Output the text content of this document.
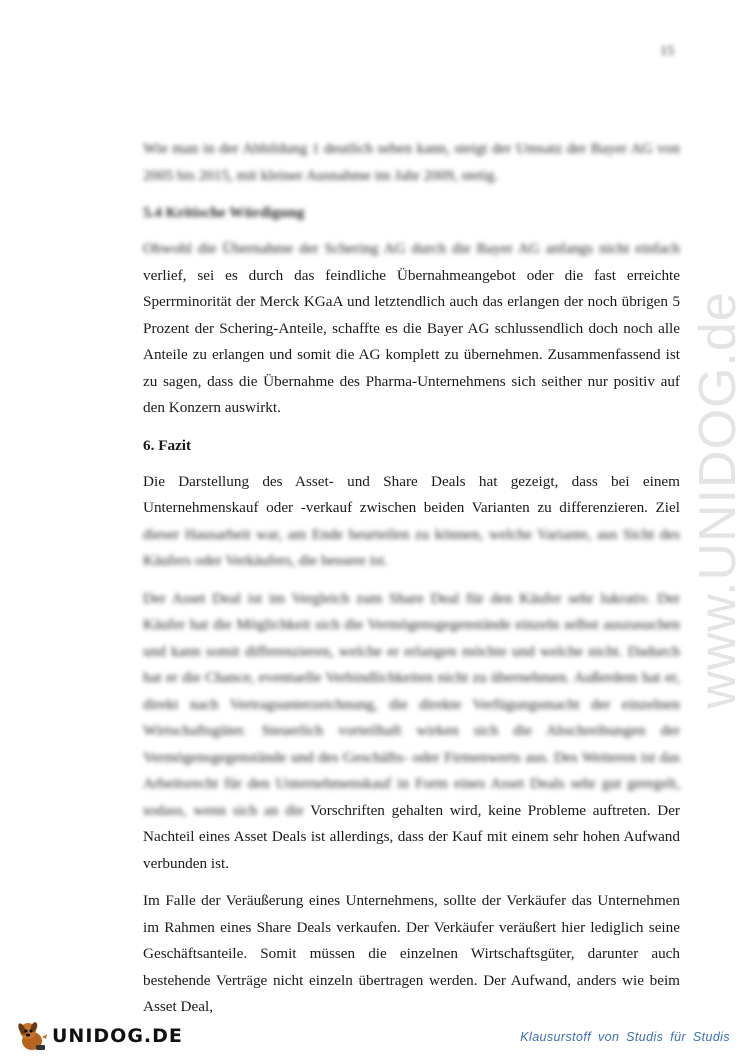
15
www.UNIDOG.de

Wie man in der Abbildung 1 deutlich sehen kann, steigt der Umsatz der Bayer AG von 2005 bis 2015, mit kleiner Ausnahme im Jahr 2009, stetig.

5.4 Kritische Würdigung

Obwohl die Übernahme der Schering AG durch die Bayer AG anfangs nicht einfach verlief, sei es durch das feindliche Übernahmeangebot oder die fast erreichte Sperrminorität der Merck KGaA und letztendlich auch das erlangen der noch übrigen 5 Prozent der Schering-Anteile, schaffte es die Bayer AG schlussendlich doch noch alle Anteile zu erlangen und somit die AG komplett zu übernehmen. Zusammenfassend ist zu sagen, dass die Übernahme des Pharma-Unternehmens sich seither nur positiv auf den Konzern auswirkt.

6. Fazit

Die Darstellung des Asset- und Share Deals hat gezeigt, dass bei einem Unternehmenskauf oder -verkauf zwischen beiden Varianten zu differenzieren. Ziel dieser Hausarbeit war, am Ende beurteilen zu können, welche Variante, aus Sicht des Käufers oder Verkäufers, die bessere ist.

Der Asset Deal ist im Vergleich zum Share Deal für den Käufer sehr lukrativ. Der Käufer hat die Möglichkeit sich die Vermögensgegenstände einzeln selbst auszusuchen und kann somit differenzieren, welche er erlangen möchte und welche nicht. Dadurch hat er die Chance, eventuelle Verbindlichkeiten nicht zu übernehmen. Außerdem hat er, direkt nach Vertragsunterzeichnung, die direkte Verfügungsmacht der einzelnen Wirtschaftsgüter. Steuerlich vorteilhaft wirken sich die Abschreibungen der Vermögensgegenstände und des Geschäfts- oder Firmenwerts aus. Des Weiteren ist das Arbeitsrecht für den Unternehmenskauf in Form eines Asset Deals sehr gut geregelt, sodass, wenn sich an die Vorschriften gehalten wird, keine Probleme auftreten. Der Nachteil eines Asset Deals ist allerdings, dass der Kauf mit einem sehr hohen Aufwand verbunden ist.

Im Falle der Veräußerung eines Unternehmens, sollte der Verkäufer das Unternehmen im Rahmen eines Share Deals verkaufen. Der Verkäufer veräußert hier lediglich seine Geschäftsanteile. Somit müssen die einzelnen Wirtschaftsgüter, darunter auch bestehende Verträge nicht einzeln übertragen werden. Der Aufwand, anders wie beim Asset Deal,

UNIDOG.DE	Klausurstoff von Studis für Studis
